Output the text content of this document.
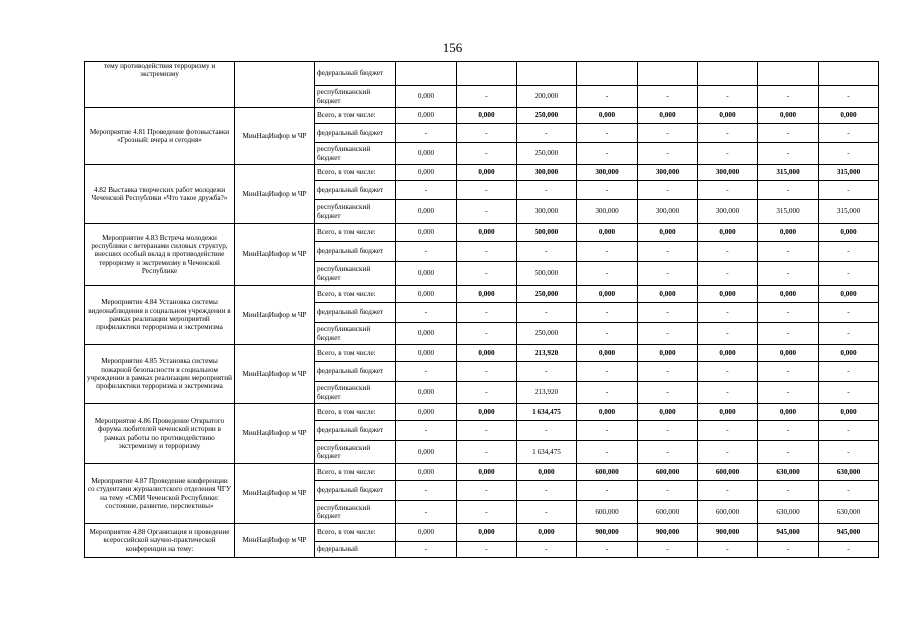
156
тему противодействия терроризму и экстремизму		федеральный бюджет								
		республиканский бюджет	0,000	-	200,000	-	-	-	-	-
Мероприятие 4.81 Проведение фотовыставки «Грозный: вчера и сегодня»	МинНацИнфор м ЧР	Всего, в том числе:	0,000	0,000	250,000	0,000	0,000	0,000	0,000	0,000
		федеральный бюджет	-	-	-	-	-	-	-	-
		республиканский бюджет	0,000	-	250,000	-	-	-	-	-
4.82 Выставка творческих работ молодежи Чеченской Республики «Что такое дружба?»	МинНацИнфор м ЧР	Всего, в том числе:	0,000	0,000	300,000	300,000	300,000	300,000	315,000	315,000
		федеральный бюджет	-	-	-	-	-	-	-	-
		республиканский бюджет	0,000	-	300,000	300,000	300,000	300,000	315,000	315,000
Мероприятие 4.83 Встреча молодежи республики с ветеранами силовых структур, внесших особый вклад в противодействие терроризму и экстремизму в Чеченской Республике	МинНацИнфор м ЧР	Всего, в том числе:	0,000	0,000	500,000	0,000	0,000	0,000	0,000	0,000
		федеральный бюджет	-	-	-	-	-	-	-	-
		республиканский бюджет	0,000	-	500,000	-	-	-	-	-
Мероприятие 4.84 Установка системы видеонаблюдения в социальном учреждении в рамках реализации мероприятий профилактики терроризма и экстремизма	МинНацИнфор м ЧР	Всего, в том числе:	0,000	0,000	250,000	0,000	0,000	0,000	0,000	0,000
		федеральный бюджет	-	-	-	-	-	-	-	-
		республиканский бюджет	0,000	-	250,000	-	-	-	-	-
Мероприятие 4.85 Установка системы пожарной безопасности в социальном учреждении в рамках реализации мероприятий профилактики терроризма и экстремизма	МинНацИнфор м ЧР	Всего, в том числе:	0,000	0,000	213,920	0,000	0,000	0,000	0,000	0,000
		федеральный бюджет	-	-	-	-	-	-	-	-
		республиканский бюджет	0,000	-	213,920	-	-	-	-	-
Мероприятие 4.86 Проведение Открытого форума любителей чеченской истории в рамках работы по противодействию экстремизму и терроризму	МинНацИнфор м ЧР	Всего, в том числе:	0,000	0,000	1 634,475	0,000	0,000	0,000	0,000	0,000
		федеральный бюджет	-	-	-	-	-	-	-	-
		республиканский бюджет	0,000	-	1 634,475	-	-	-	-	-
Мероприятие 4.87 Проведение конференции со студентами журналистского отделения ЧГУ на тему «СМИ Чеченской Республики: состояние, развитие, перспективы»	МинНацИнфор м ЧР	Всего, в том числе:	0,000	0,000	0,000	600,000	600,000	600,000	630,000	630,000
		федеральный бюджет	-	-	-	-	-	-	-	-
		республиканский бюджет	-	-	-	600,000	600,000	600,000	630,000	630,000
Мероприятие 4.88 Организация и проведение всероссийской научно-практической конференции на тему:	МинНацИнфор м ЧР	Всего, в том числе:	0,000	0,000	0,000	900,000	900,000	900,000	945,000	945,000
		федеральный	-	-	-	-	-	-	-	-
